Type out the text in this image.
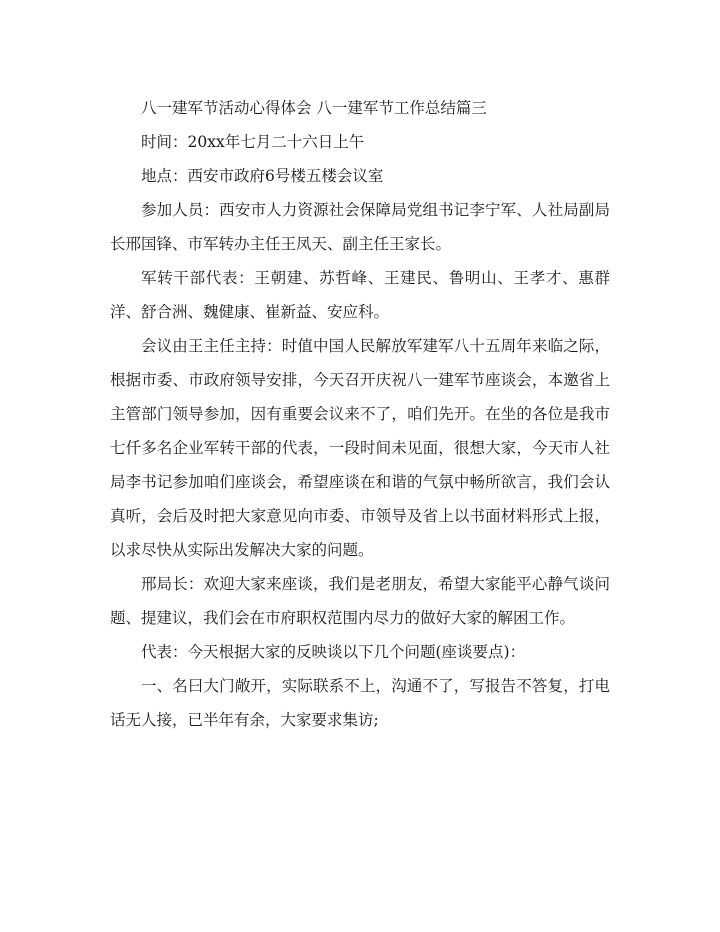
八一建军节活动心得体会 八一建军节工作总结篇三

时间：20xx年七月二十六日上午

地点：西安市政府6号楼五楼会议室

参加人员：西安市人力资源社会保障局党组书记李宁军、人社局副局长邢国锋、市军转办主任王凤天、副主任王家长。

军转干部代表：王朝建、苏哲峰、王建民、鲁明山、王孝才、惠群洋、舒合洲、魏健康、崔新益、安应科。

会议由王主任主持：时值中国人民解放军建军八十五周年来临之际，根据市委、市政府领导安排，今天召开庆祝八一建军节座谈会，本邀省上主管部门领导参加，因有重要会议来不了，咱们先开。在坐的各位是我市七仟多名企业军转干部的代表，一段时间未见面，很想大家，今天市人社局李书记参加咱们座谈会，希望座谈在和谐的气氛中畅所欲言，我们会认真听，会后及时把大家意见向市委、市领导及省上以书面材料形式上报，以求尽快从实际出发解决大家的问题。

邢局长：欢迎大家来座谈，我们是老朋友，希望大家能平心静气谈问题、提建议，我们会在市府职权范围内尽力的做好大家的解困工作。

代表：今天根据大家的反映谈以下几个问题(座谈要点)：

一、名曰大门敞开，实际联系不上，沟通不了，写报告不答复，打电话无人接，已半年有余，大家要求集访;
